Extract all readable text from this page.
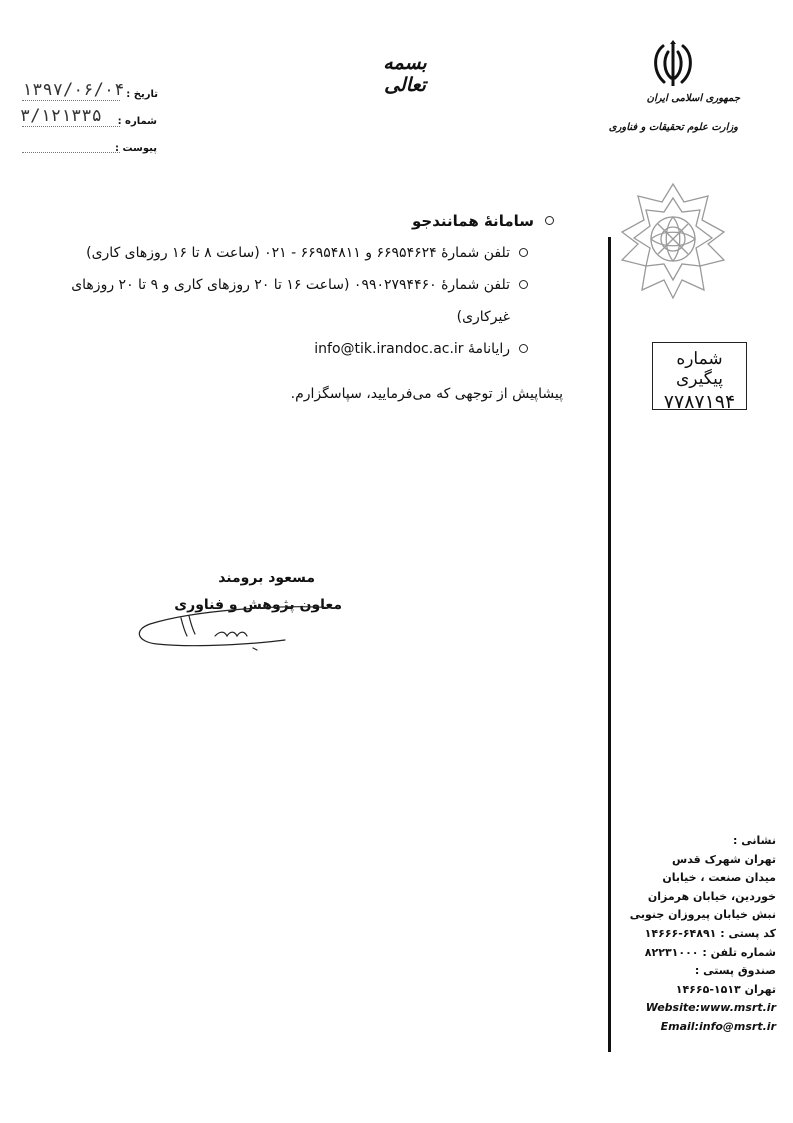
بسمه تعالی
۱۳۹۷/۰۶/۰۴ تاریخ :
۳/۱۲۱۳۳۵	شماره :
پیوست :
جمهوری اسلامی ایران
وزارت علوم تحقیقات و فناوری
شماره پیگیری
۷۷۸۷۱۹۴
سامانهٔ همانندجو
تلفن شمارهٔ ۶۶۹۵۴۶۲۴ و ۶۶۹۵۴۸۱۱ - ۰۲۱ (ساعت ۸ تا ۱۶ روزهای کاری)
تلفن شمارهٔ ۰۹۹۰۲۷۹۴۴۶۰ (ساعت ۱۶ تا ۲۰ روزهای کاری و ۹ تا ۲۰ روزهای غیرکاری)
رایانامهٔ info@tik.irandoc.ac.ir
پیشاپیش از توجهی که می‌فرمایید، سپاسگزارم.
مسعود برومند
معاون پژوهش و فناوری
نشانی :
تهران شهرک قدس
میدان صنعت ، خیابان
خوردین، خیابان هرمزان
نبش خیابان پیروزان جنوبی
کد پستی : ۶۴۸۹۱-۱۴۶۶۶
شماره تلفن : ۸۲۲۳۱۰۰۰
صندوق پستی :
تهران ۱۵۱۳-۱۴۶۶۵
Website:www.msrt.ir
Email:info@msrt.ir
